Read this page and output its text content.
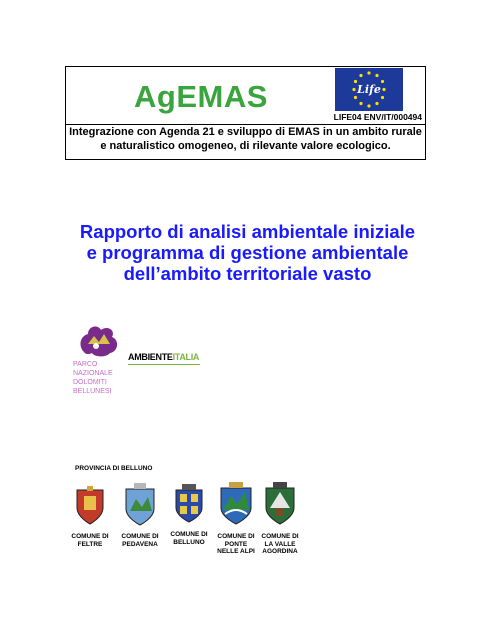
AgEMAS	Life
LIFE04 ENV/IT/000494
Integrazione con Agenda 21 e sviluppo di EMAS in un ambito rurale
e naturalistico omogeneo, di rilevante valore ecologico.
Rapporto di analisi ambientale iniziale
e programma di gestione ambientale
dell’ambito territoriale vasto
PARCO
NAZIONALE
DOLOMITI
BELLUNESI
AMBIENTEITALIA
PROVINCIA DI BELLUNO
COMUNE DI
FELTRE
COMUNE DI
PEDAVENA
COMUNE DI
BELLUNO
COMUNE DI
PONTE
NELLE ALPI
COMUNE DI
LA VALLE
AGORDINA
